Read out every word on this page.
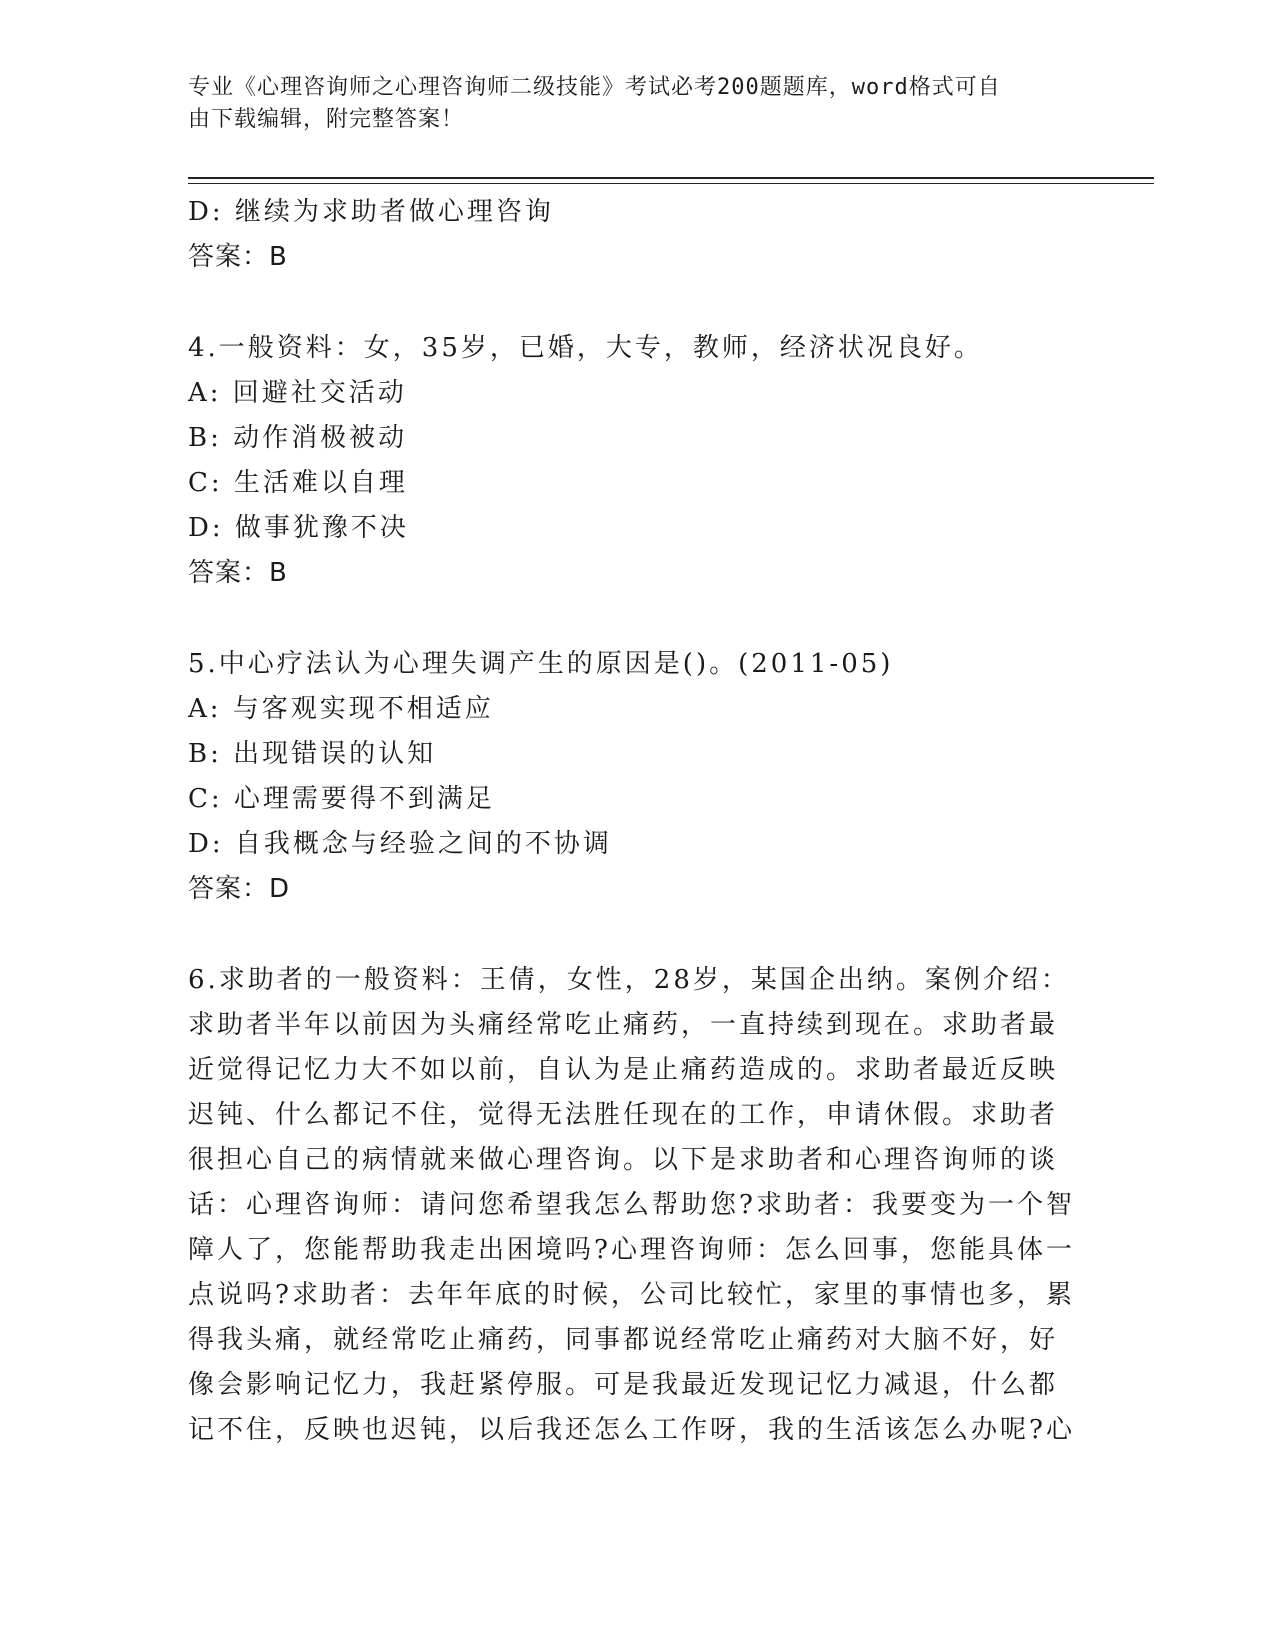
专业《心理咨询师之心理咨询师二级技能》考试必考200题题库，word格式可自
由下载编辑，附完整答案！
D: 继续为求助者做心理咨询
答案：B
4.一般资料：女，35岁，已婚，大专，教师，经济状况良好。
A: 回避社交活动
B: 动作消极被动
C: 生活难以自理
D: 做事犹豫不决
答案：B
5.中心疗法认为心理失调产生的原因是()。(2011-05)
A: 与客观实现不相适应
B: 出现错误的认知
C: 心理需要得不到满足
D: 自我概念与经验之间的不协调
答案：D
6.求助者的一般资料：王倩，女性，28岁，某国企出纳。案例介绍：
求助者半年以前因为头痛经常吃止痛药，一直持续到现在。求助者最
近觉得记忆力大不如以前，自认为是止痛药造成的。求助者最近反映
迟钝、什么都记不住，觉得无法胜任现在的工作，申请休假。求助者
很担心自己的病情就来做心理咨询。以下是求助者和心理咨询师的谈
话：心理咨询师：请问您希望我怎么帮助您?求助者：我要变为一个智
障人了，您能帮助我走出困境吗?心理咨询师：怎么回事，您能具体一
点说吗?求助者：去年年底的时候，公司比较忙，家里的事情也多，累
得我头痛，就经常吃止痛药，同事都说经常吃止痛药对大脑不好，好
像会影响记忆力，我赶紧停服。可是我最近发现记忆力减退，什么都
记不住，反映也迟钝，以后我还怎么工作呀，我的生活该怎么办呢?心
